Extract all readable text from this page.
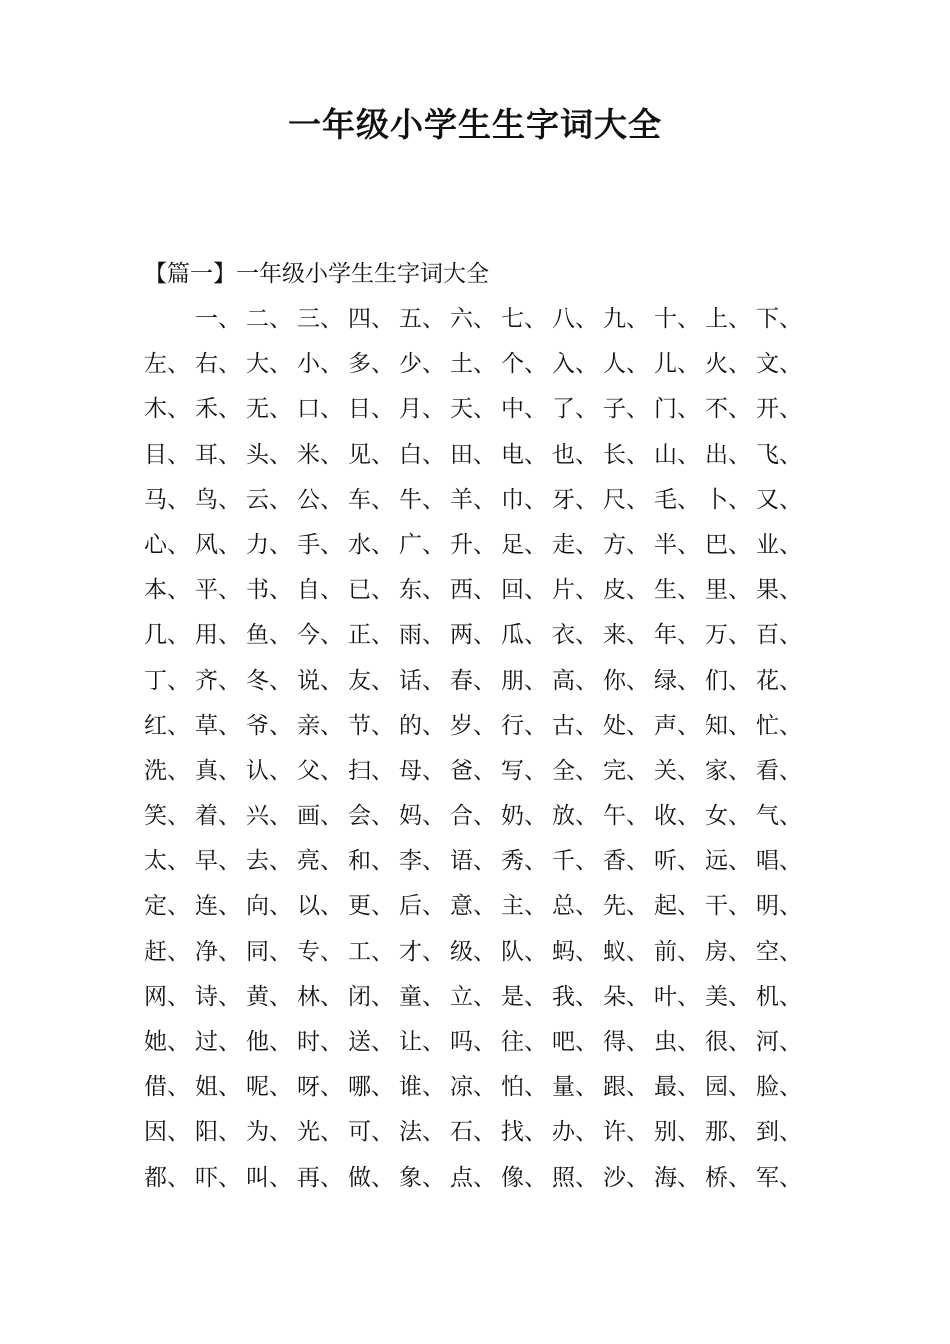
一年级小学生生字词大全
【篇一】一年级小学生生字词大全
一、 二、 三、 四、 五、 六、 七、 八、 九、 十、 上、 下、
左、 右、 大、 小、 多、 少、 土、 个、 入、 人、 儿、 火、 文、
木、 禾、 无、 口、 日、 月、 天、 中、 了、 子、 门、 不、 开、
目、 耳、 头、 米、 见、 白、 田、 电、 也、 长、 山、 出、 飞、
马、 鸟、 云、 公、 车、 牛、 羊、 巾、 牙、 尺、 毛、 卜、 又、
心、 风、 力、 手、 水、 广、 升、 足、 走、 方、 半、 巴、 业、
本、 平、 书、 自、 已、 东、 西、 回、 片、 皮、 生、 里、 果、
几、 用、 鱼、 今、 正、 雨、 两、 瓜、 衣、 来、 年、 万、 百、
丁、 齐、 冬、 说、 友、 话、 春、 朋、 高、 你、 绿、 们、 花、
红、 草、 爷、 亲、 节、 的、 岁、 行、 古、 处、 声、 知、 忙、
洗、 真、 认、 父、 扫、 母、 爸、 写、 全、 完、 关、 家、 看、
笑、 着、 兴、 画、 会、 妈、 合、 奶、 放、 午、 收、 女、 气、
太、 早、 去、 亮、 和、 李、 语、 秀、 千、 香、 听、 远、 唱、
定、 连、 向、 以、 更、 后、 意、 主、 总、 先、 起、 干、 明、
赶、 净、 同、 专、 工、 才、 级、 队、 蚂、 蚁、 前、 房、 空、
网、 诗、 黄、 林、 闭、 童、 立、 是、 我、 朵、 叶、 美、 机、
她、 过、 他、 时、 送、 让、 吗、 往、 吧、 得、 虫、 很、 河、
借、 姐、 呢、 呀、 哪、 谁、 凉、 怕、 量、 跟、 最、 园、 脸、
因、 阳、 为、 光、 可、 法、 石、 找、 办、 许、 别、 那、 到、
都、 吓、 叫、 再、 做、 象、 点、 像、 照、 沙、 海、 桥、 军、
